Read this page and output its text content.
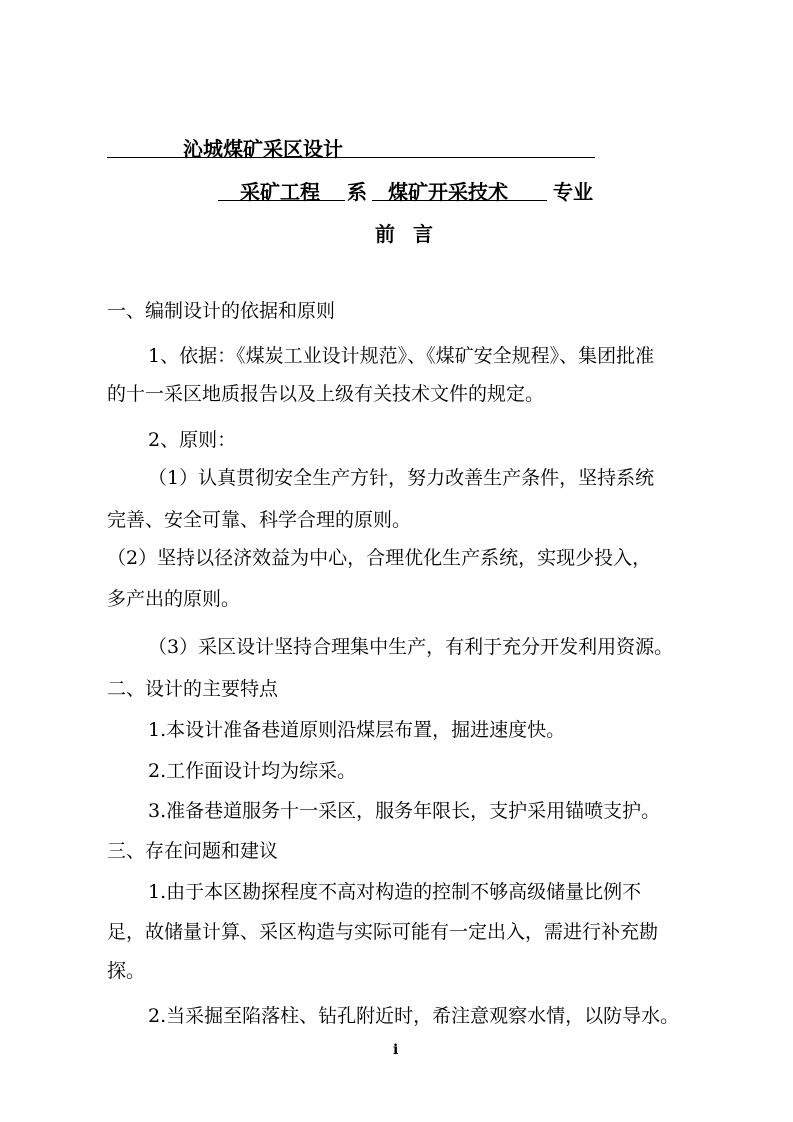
沁城煤矿采区设计
采矿工程 系 煤矿开采技术 专业
前言
一、编制设计的依据和原则
1、依据：《煤炭工业设计规范》、《煤矿安全规程》、集团批准
的十一采区地质报告以及上级有关技术文件的规定。
2、原则：
（1）认真贯彻安全生产方针，努力改善生产条件，坚持系统
完善、安全可靠、科学合理的原则。
（2）坚持以径济效益为中心，合理优化生产系统，实现少投入，
多产出的原则。
（3）采区设计坚持合理集中生产，有利于充分开发利用资源。
二、设计的主要特点
1.本设计准备巷道原则沿煤层布置，掘进速度快。
2.工作面设计均为综采。
3.准备巷道服务十一采区，服务年限长，支护采用锚喷支护。
三、存在问题和建议
1.由于本区勘探程度不高对构造的控制不够高级储量比例不
足，故储量计算、采区构造与实际可能有一定出入，需进行补充勘
探。
2.当采掘至陷落柱、钻孔附近时，希注意观察水情，以防导水。
i
